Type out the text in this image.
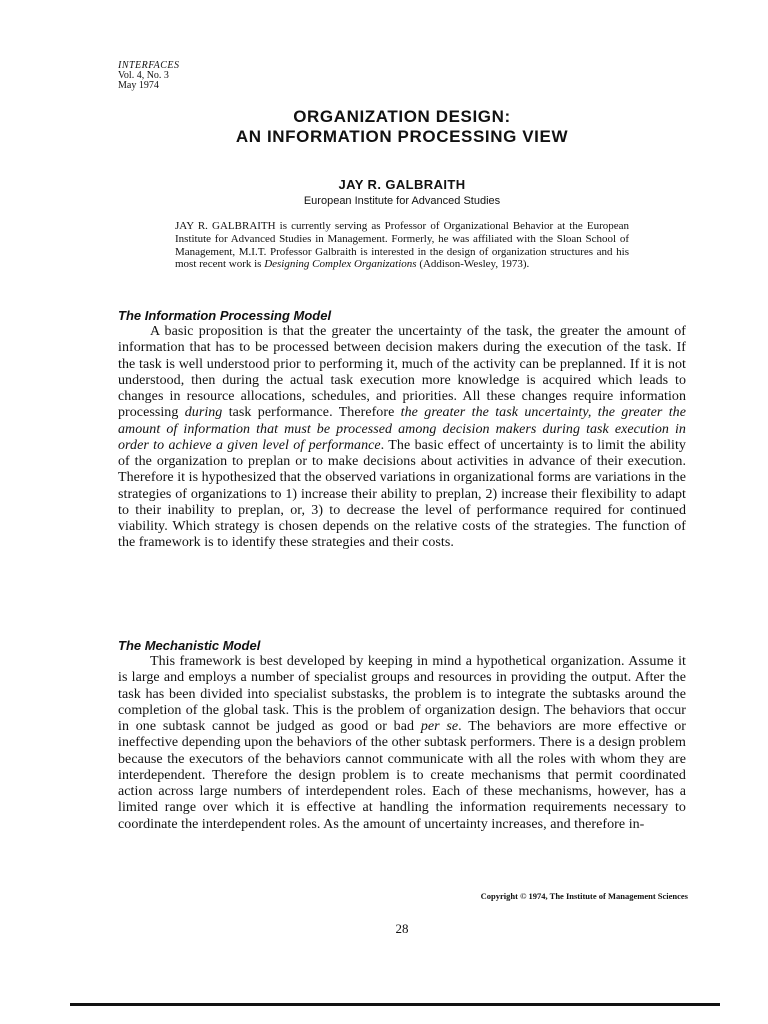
INTERFACES
Vol. 4, No. 3
May 1974
ORGANIZATION DESIGN:
AN INFORMATION PROCESSING VIEW
JAY R. GALBRAITH
European Institute for Advanced Studies
JAY R. GALBRAITH is currently serving as Professor of Organizational Behavior at the European Institute for Advanced Studies in Management. Formerly, he was affiliated with the Sloan School of Management, M.I.T. Professor Galbraith is interested in the design of organization structures and his most recent work is Designing Complex Organizations (Addison-Wesley, 1973).
The Information Processing Model
A basic proposition is that the greater the uncertainty of the task, the greater the amount of information that has to be processed between decision makers during the execution of the task. If the task is well understood prior to performing it, much of the activity can be preplanned. If it is not understood, then during the actual task execution more knowledge is acquired which leads to changes in resource allocations, schedules, and priorities. All these changes require information processing during task performance. Therefore the greater the task uncertainty, the greater the amount of information that must be processed among decision makers during task execution in order to achieve a given level of performance. The basic effect of uncertainty is to limit the ability of the organization to preplan or to make decisions about activities in advance of their execution. Therefore it is hypothesized that the observed variations in organizational forms are variations in the strategies of organizations to 1) increase their ability to preplan, 2) increase their flexibility to adapt to their inability to preplan, or, 3) to decrease the level of performance required for continued viability. Which strategy is chosen depends on the relative costs of the strategies. The function of the framework is to identify these strategies and their costs.
The Mechanistic Model
This framework is best developed by keeping in mind a hypothetical organization. Assume it is large and employs a number of specialist groups and resources in providing the output. After the task has been divided into specialist substasks, the problem is to integrate the subtasks around the completion of the global task. This is the problem of organization design. The behaviors that occur in one subtask cannot be judged as good or bad per se. The behaviors are more effective or ineffective depending upon the behaviors of the other subtask performers. There is a design problem because the executors of the behaviors cannot communicate with all the roles with whom they are interdependent. Therefore the design problem is to create mechanisms that permit coordinated action across large numbers of interdependent roles. Each of these mechanisms, however, has a limited range over which it is effective at handling the information requirements necessary to coordinate the interdependent roles. As the amount of uncertainty increases, and therefore in-
Copyright © 1974, The Institute of Management Sciences
28
